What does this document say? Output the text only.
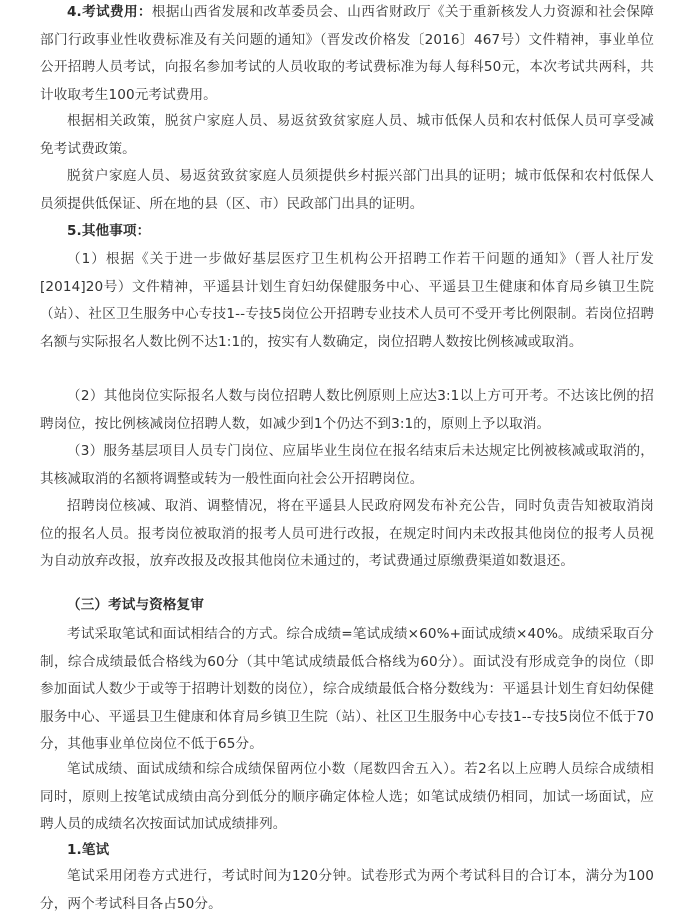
4.考试费用：根据山西省发展和改革委员会、山西省财政厅《关于重新核发人力资源和社会保障部门行政事业性收费标准及有关问题的通知》（晋发改价格发〔2016〕467号）文件精神，事业单位公开招聘人员考试，向报名参加考试的人员收取的考试费标准为每人每科50元，本次考试共两科，共计收取考生100元考试费用。

根据相关政策，脱贫户家庭人员、易返贫致贫家庭人员、城市低保人员和农村低保人员可享受减免考试费政策。

脱贫户家庭人员、易返贫致贫家庭人员须提供乡村振兴部门出具的证明；城市低保和农村低保人员须提供低保证、所在地的县（区、市）民政部门出具的证明。

5.其他事项：

（1）根据《关于进一步做好基层医疗卫生机构公开招聘工作若干问题的通知》（晋人社厅发[2014]20号）文件精神，平遥县计划生育妇幼保健服务中心、平遥县卫生健康和体育局乡镇卫生院（站）、社区卫生服务中心专技1--专技5岗位公开招聘专业技术人员可不受开考比例限制。若岗位招聘名额与实际报名人数比例不达1:1的，按实有人数确定，岗位招聘人数按比例核减或取消。

（2）其他岗位实际报名人数与岗位招聘人数比例原则上应达3:1以上方可开考。不达该比例的招聘岗位，按比例核减岗位招聘人数，如减少到1个仍达不到3:1的，原则上予以取消。

（3）服务基层项目人员专门岗位、应届毕业生岗位在报名结束后未达规定比例被核减或取消的，其核减取消的名额将调整或转为一般性面向社会公开招聘岗位。

招聘岗位核减、取消、调整情况，将在平遥县人民政府网发布补充公告，同时负责告知被取消岗位的报名人员。报考岗位被取消的报考人员可进行改报，在规定时间内未改报其他岗位的报考人员视为自动放弃改报，放弃改报及改报其他岗位未通过的，考试费通过原缴费渠道如数退还。

（三）考试与资格复审

考试采取笔试和面试相结合的方式。综合成绩=笔试成绩×60%+面试成绩×40%。成绩采取百分制，综合成绩最低合格线为60分（其中笔试成绩最低合格线为60分）。面试没有形成竞争的岗位（即参加面试人数少于或等于招聘计划数的岗位），综合成绩最低合格分数线为：平遥县计划生育妇幼保健服务中心、平遥县卫生健康和体育局乡镇卫生院（站）、社区卫生服务中心专技1--专技5岗位不低于70分，其他事业单位岗位不低于65分。

笔试成绩、面试成绩和综合成绩保留两位小数（尾数四舍五入）。若2名以上应聘人员综合成绩相同时，原则上按笔试成绩由高分到低分的顺序确定体检人选；如笔试成绩仍相同，加试一场面试，应聘人员的成绩名次按面试加试成绩排列。

1.笔试

笔试采用闭卷方式进行，考试时间为120分钟。试卷形式为两个考试科目的合订本，满分为100分，两个考试科目各占50分。
